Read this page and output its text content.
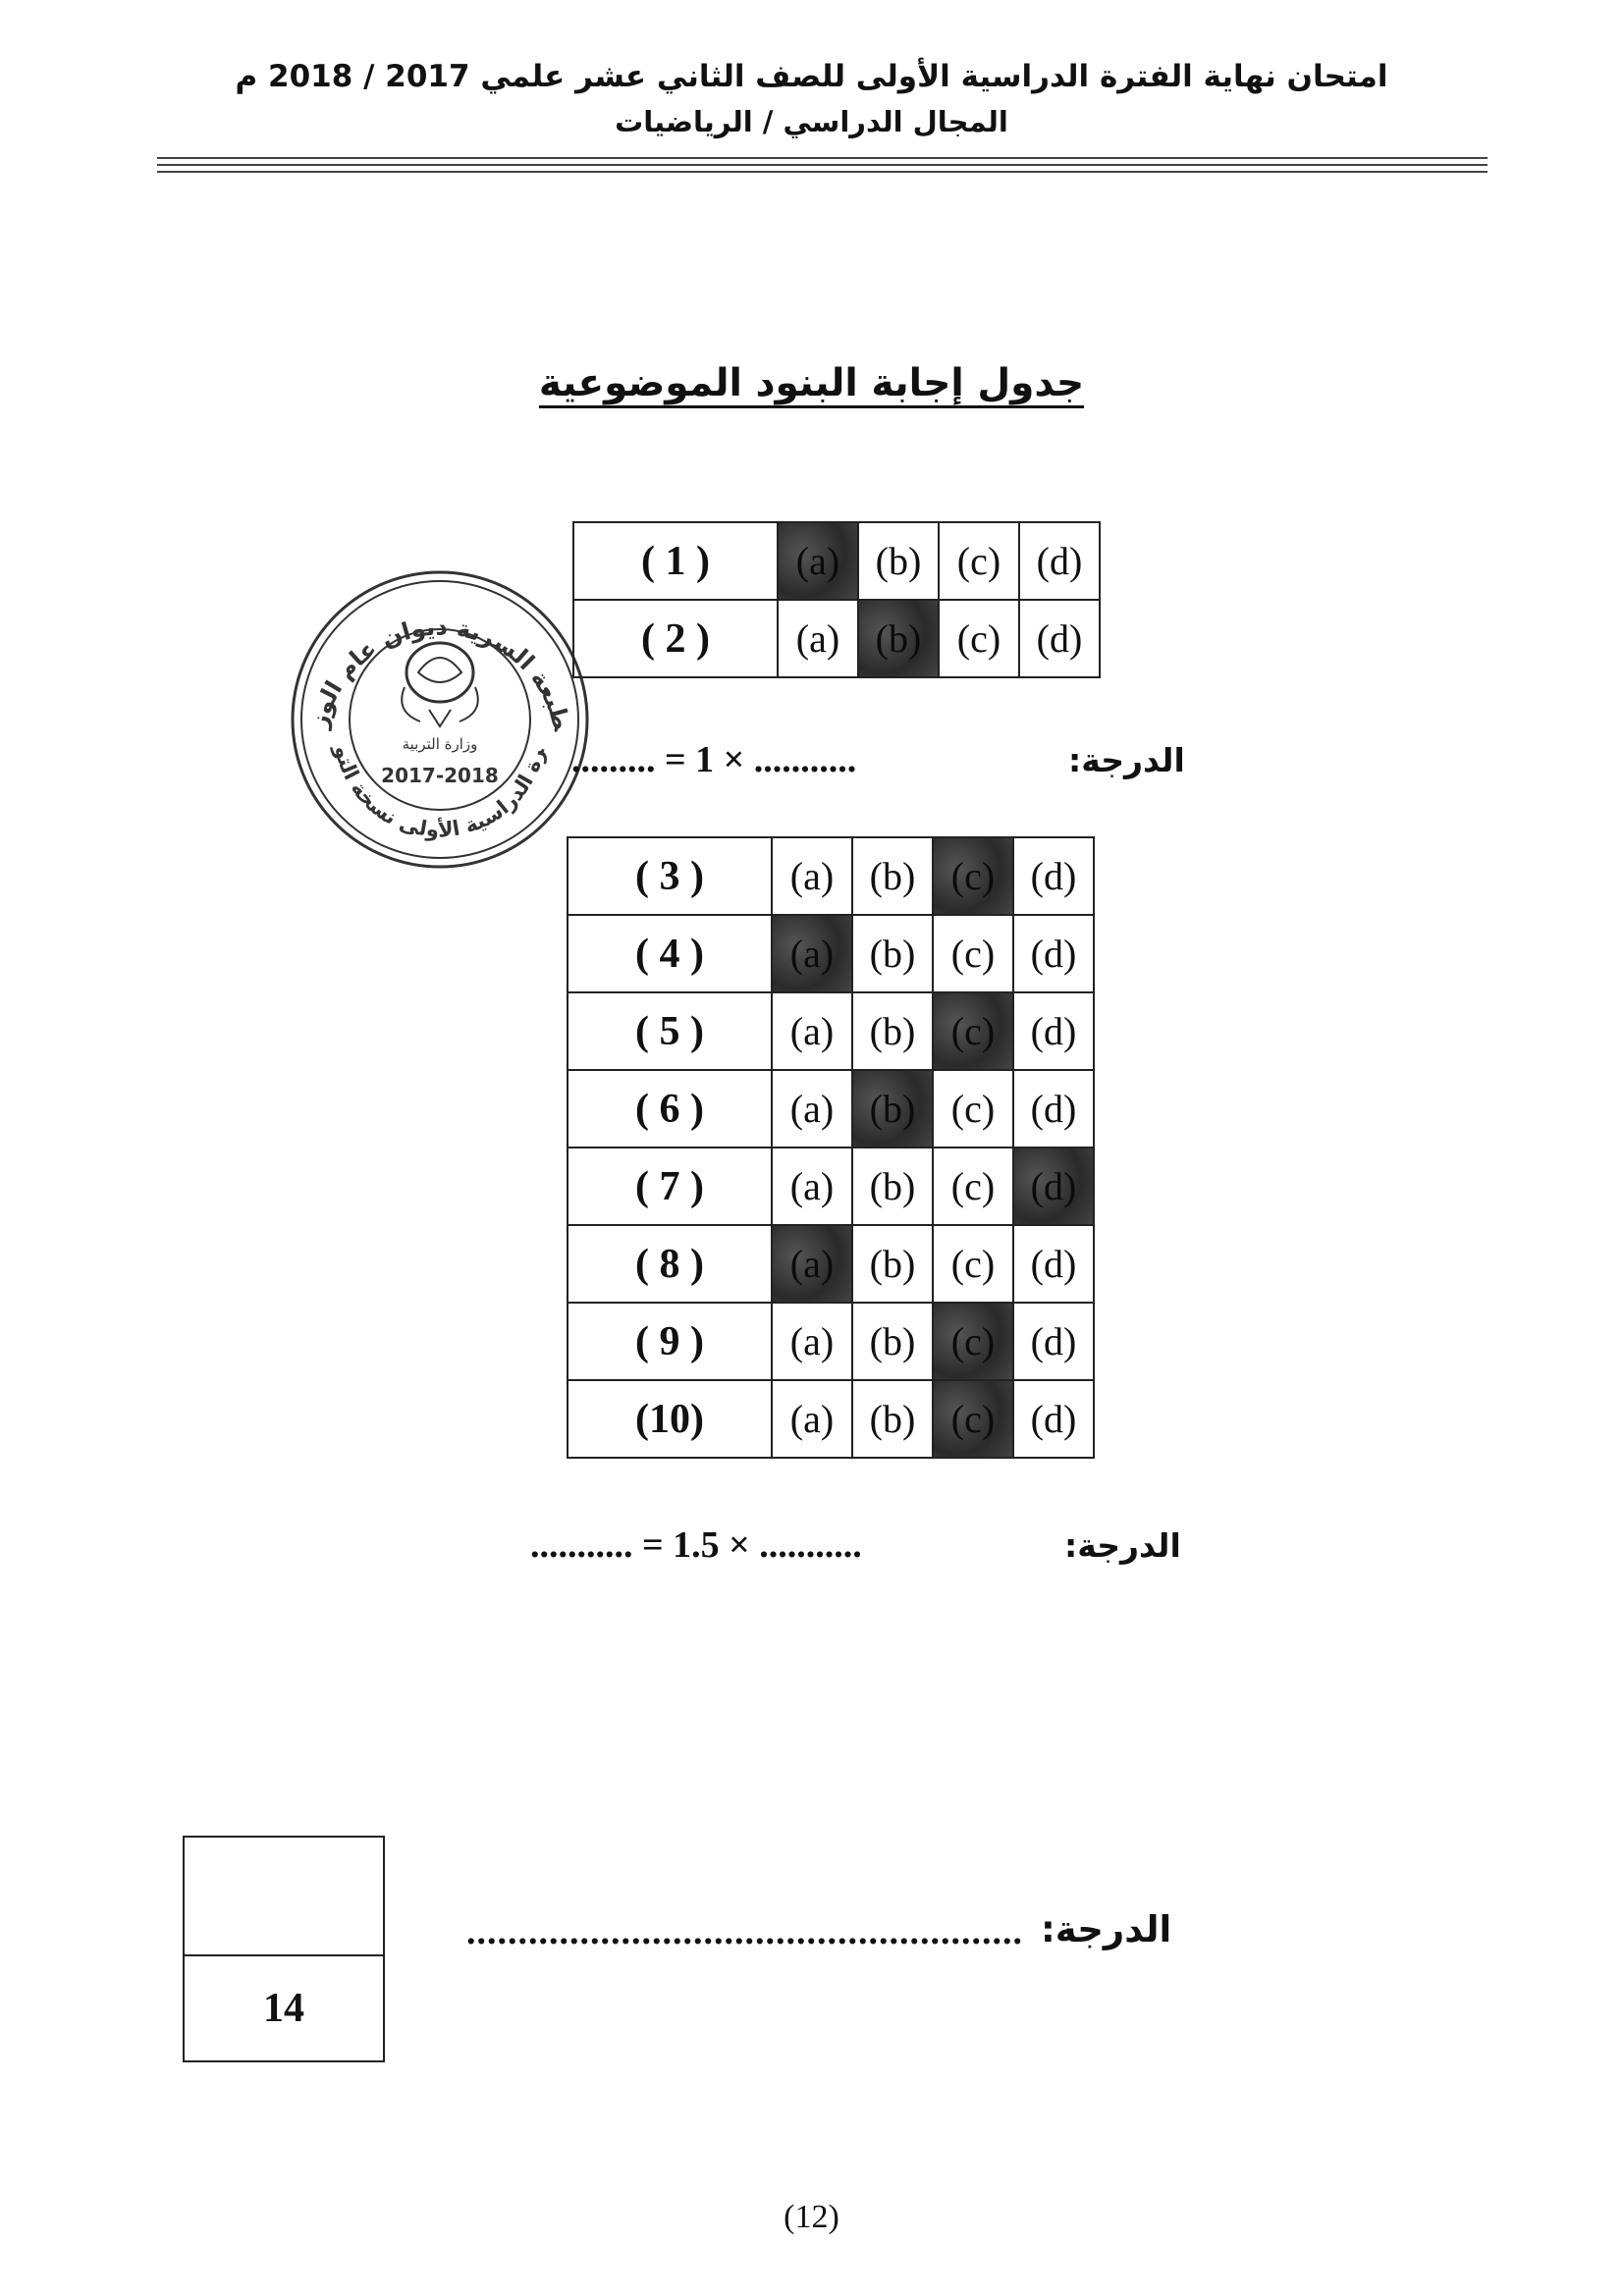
امتحان نهاية الفترة الدراسية الأولى للصف الثاني عشر علمي 2017 / 2018 م
المجال الدراسي / الرياضيات
جدول إجابة البنود الموضوعية
طبعة السرية ديوان عام الوز
رة الدراسية الأولى نسخة التو	وزارة التربية
2017-2018
( 1 )	(a)	(b)	(c)	(d)
( 2 )	(a)	(b)	(c)	(d)
الدرجة:
......... = 1 × ...........
( 3 )	(a)	(b)	(c)	(d)
( 4 )	(a)	(b)	(c)	(d)
( 5 )	(a)	(b)	(c)	(d)
( 6 )	(a)	(b)	(c)	(d)
( 7 )	(a)	(b)	(c)	(d)
( 8 )	(a)	(b)	(c)	(d)
( 9 )	(a)	(b)	(c)	(d)
(10)	(a)	(b)	(c)	(d)
الدرجة:
........... = 1.5 × ...........
الدرجة:
......................................................
14
(12)
